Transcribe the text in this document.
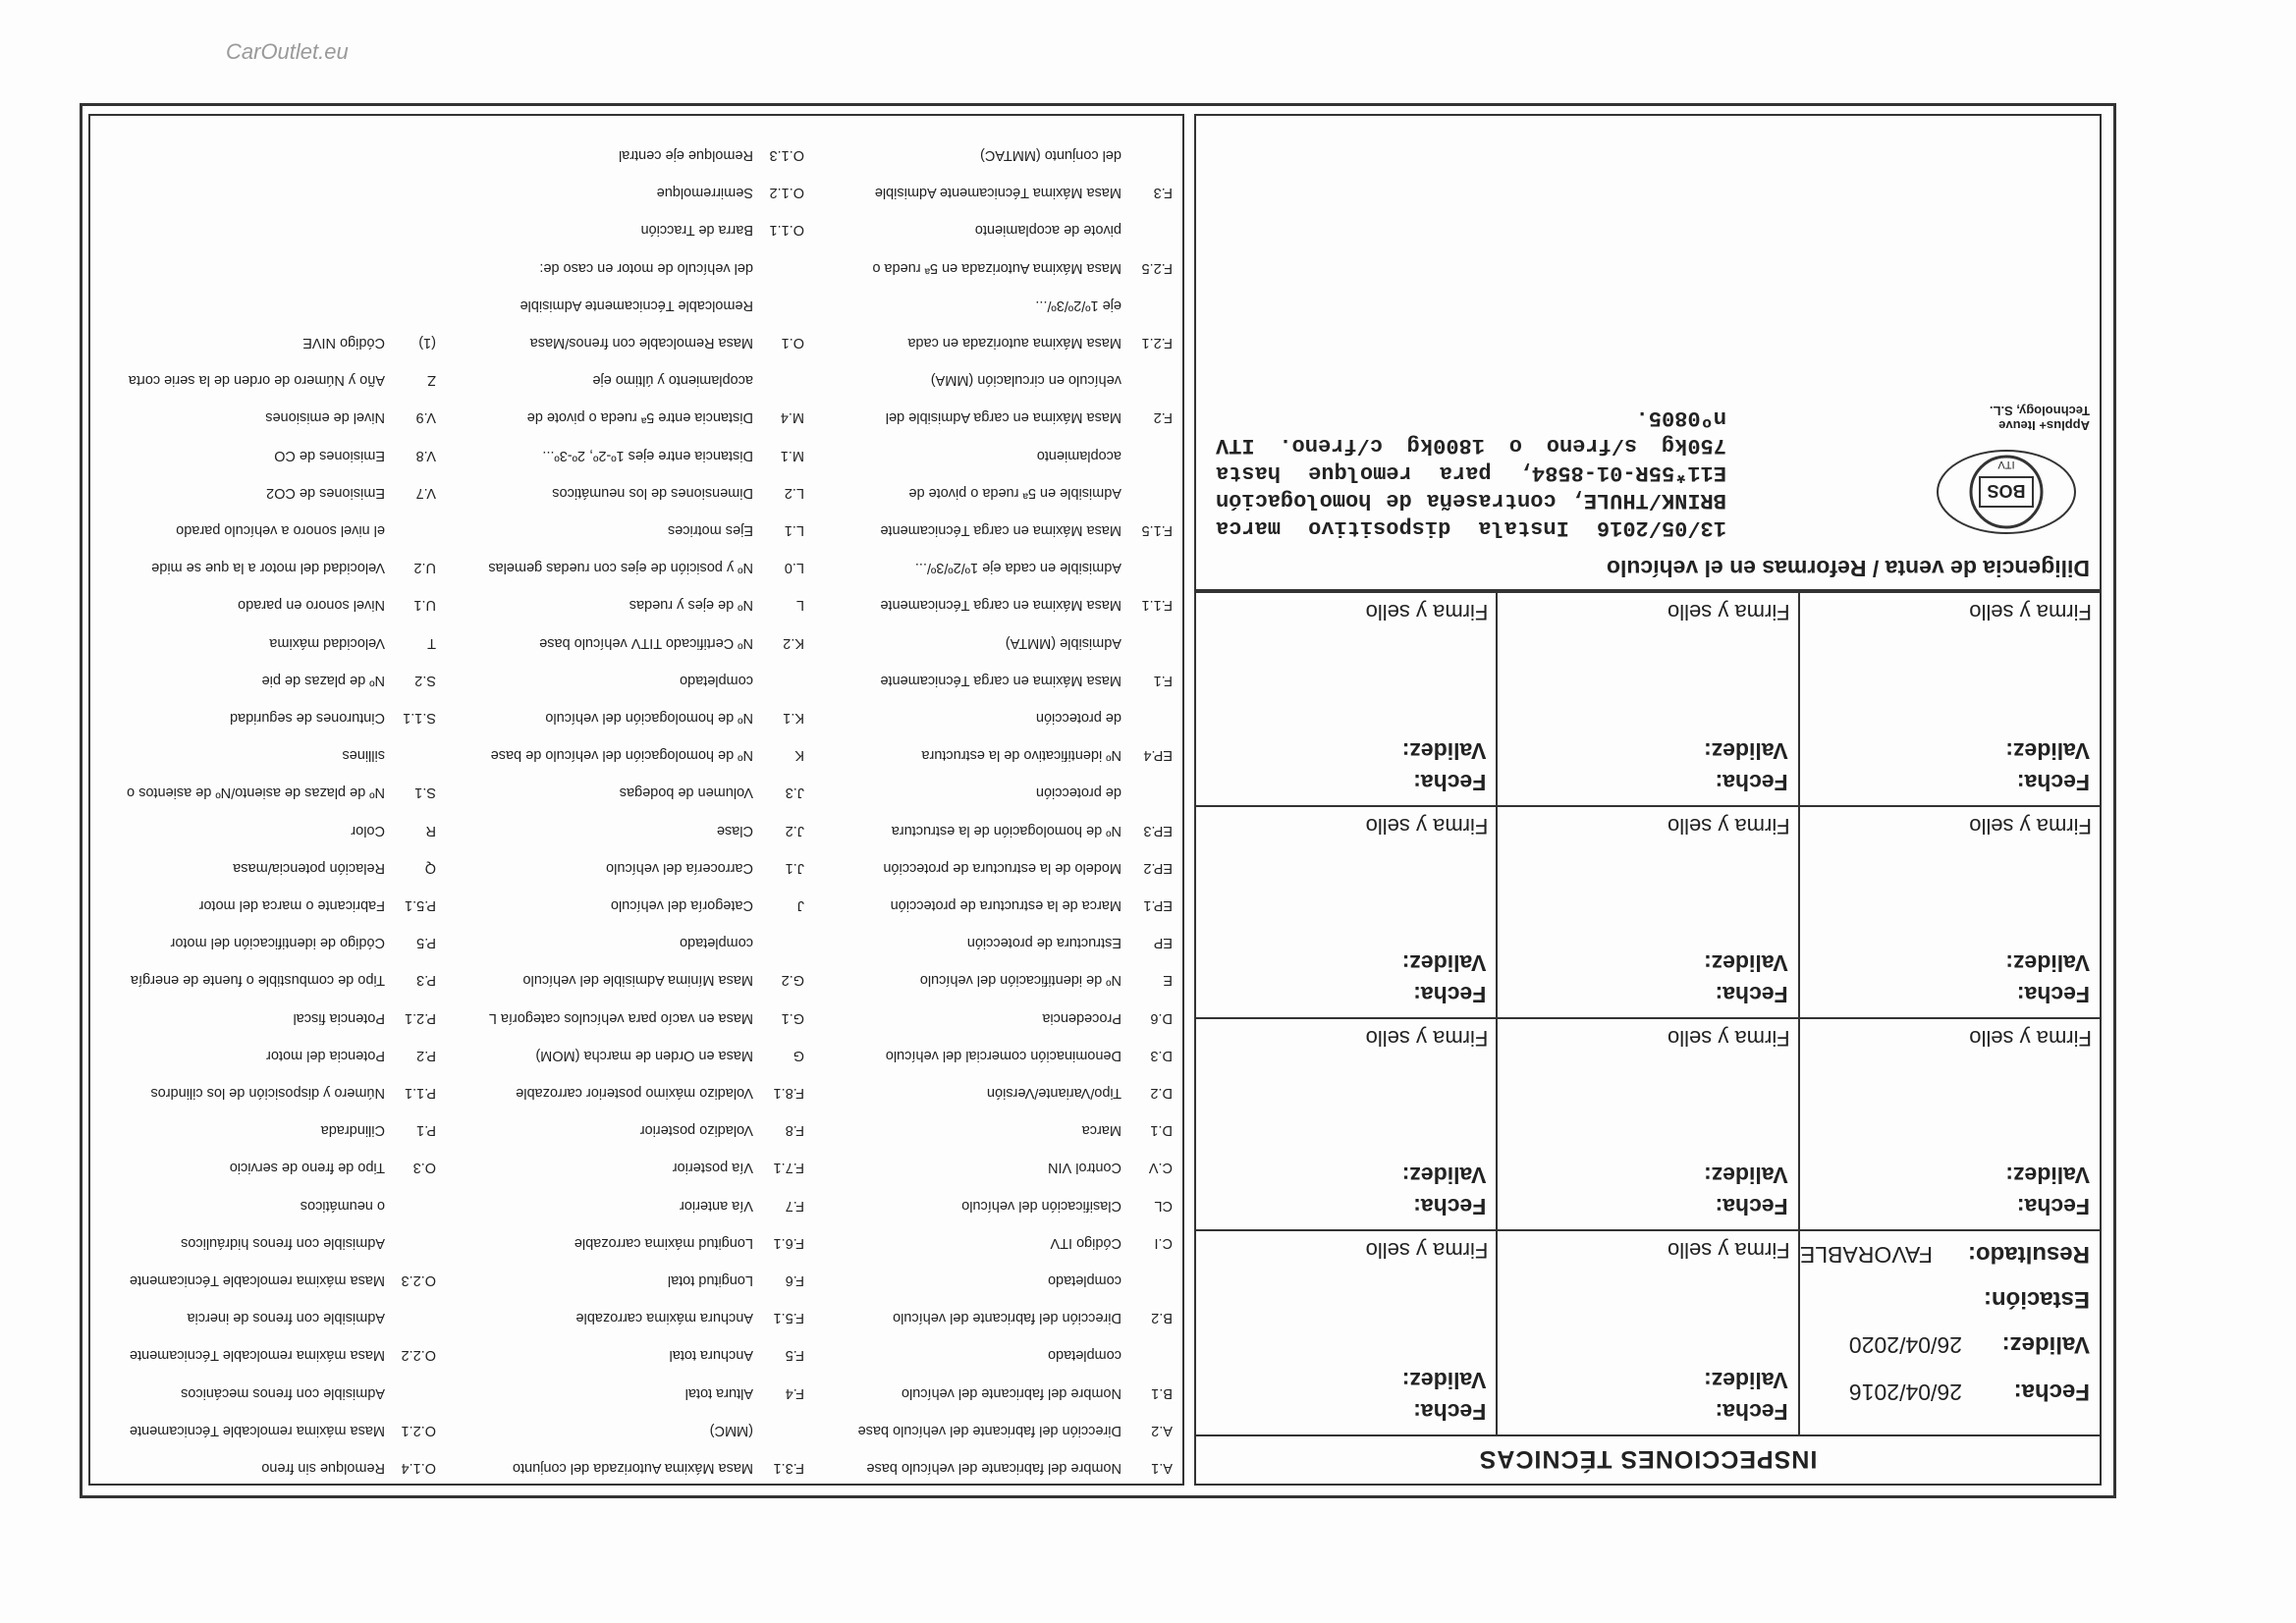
INSPECCIONES TÉCNICAS
Fecha:
26/04/2016
Validez:
26/04/2020
Estación:
Resultado:
FAVORABLE
Fecha:
Validez:
Firma y sello
Fecha:
Validez:
Firma y sello
Diligencia de venta / Reformas en el vehículo
13/05/2016 Instala dispositivo marca BRINK/THULE, contraseña de homologación E11*55R-01-8584, para remolque hasta 750kg s/freno o 1800kg c/freno. ITV nº0805.
BOS
ITV
Applus+ Iteuve Technology, S.L.
Fecha:
Validez:
Firma y sello
Fecha:
Validez:
Firma y sello
Fecha:
Validez:
Firma y sello
Fecha:
Validez:
Firma y sello
Fecha:
Validez:
Firma y sello
Fecha:
Validez:
Firma y sello
Fecha:
Validez:
Firma y sello
Fecha:
Validez:
Firma y sello
Fecha:
Validez:
Firma y sello
A.1
Nombre del fabricante del vehículo base
A.2
Dirección del fabricante del vehículo base
B.1
Nombre del fabricante del vehículo
completado
B.2
Dirección del fabricante del vehículo
completado
C.I
Código ITV
CL
Clasificación del vehículo
C.V
Control VIN
D.1
Marca
D.2
Tipo/Variante/Versión
D.3
Denominación comercial del vehículo
D.6
Procedencia
E
Nº de identificación del vehículo
EP
Estructura de protección
EP.1
Marca de la estructura de protección
EP.2
Modelo de la estructura de protección
EP.3
Nº de homologación de la estructura
de protección
EP.4
Nº identificativo de la estructura
de protección
F.1
Masa Máxima en carga Técnicamente
Admisible (MMTA)
F.1.1
Masa Máxima en carga Técnicamente
Admisible en cada eje 1º/2º/3º/...
F.1.5
Masa Máxima en carga Técnicamente
Admisible en 5ª rueda o pivote de
acoplamiento
F.2
Masa Máxima en carga Admisible del
vehículo en circulación (MMA)
F.2.1
Masa Máxima autorizada en cada
eje 1º/2º/3º/...
F.2.5
Masa Máxima Autorizada en 5ª rueda o
pivote de acoplamiento
F.3
Masa Máxima Técnicamente Admisible
del conjunto (MMTAC)
F.3.1
Masa Máxima Autorizada del conjunto
(MMC)
F.4
Altura total
F.5
Anchura total
F.5.1
Anchura máxima carrozable
F.6
Longitud total
F.6.1
Longitud máxima carrozable
F.7
Vía anterior
F.7.1
Vía posterior
F.8
Voladizo posterior
F.8.1
Voladizo máximo posterior carrozable
G
Masa en Orden de marcha (MOM)
G.1
Masa en vacío para vehículos categoría L
G.2
Masa Mínima Admisible del vehículo
completado
J
Categoría del vehículo
J.1
Carrocería del vehículo
J.2
Clase
J.3
Volumen de bodegas
K
Nº de homologación del vehículo de base
K.1
Nº de homologación del vehículo
completado
K.2
Nº Certificado TITV vehículo base
L
Nº de ejes y ruedas
L.0
Nº y posición de ejes con ruedas gemelas
L.1
Ejes motrices
L.2
Dimensiones de los neumáticos
M.1
Distancia entre ejes 1º-2º, 2º-3º...
M.4
Distancia entre 5ª rueda o pivote de
acoplamiento y último eje
O.1
Masa Remolcable con frenos/Masa
Remolcable Técnicamente Admisible
del vehículo de motor en caso de:
O.1.1
Barra de Tracción
O.1.2
Semirremolque
O.1.3
Remolque eje central
O.1.4
Remolque sin freno
O.2.1
Masa máxima remolcable Técnicamente
Admisible con frenos mecánicos
O.2.2
Masa máxima remolcable Técnicamente
Admisible con frenos de inercia
O.2.3
Masa máxima remolcable Técnicamente
Admisible con frenos hidráulicos
o neumáticos
O.3
Tipo de freno de servicio
P.1
Cilindrada
P.1.1
Número y disposición de los cilindros
P.2
Potencia del motor
P.2.1
Potencia fiscal
P.3
Tipo de combustible o fuente de energía
P.5
Código de identificación del motor
P.5.1
Fabricante o marca del motor
Q
Relación potencia/masa
R
Color
S.1
Nº de plazas de asiento/Nº de asientos o
sillines
S.1.1
Cinturones de seguridad
S.2
Nº de plazas de pie
T
Velocidad máxima
U.1
Nivel sonoro en parado
U.2
Velocidad del motor a la que se mide
el nivel sonoro a vehículo parado
V.7
Emisiones de CO2
V.8
Emisiones de CO
V.9
Nivel de emisiones
Z
Año y Número de orden de la serie corta
(1)
Código NIVE
CarOutlet.eu
